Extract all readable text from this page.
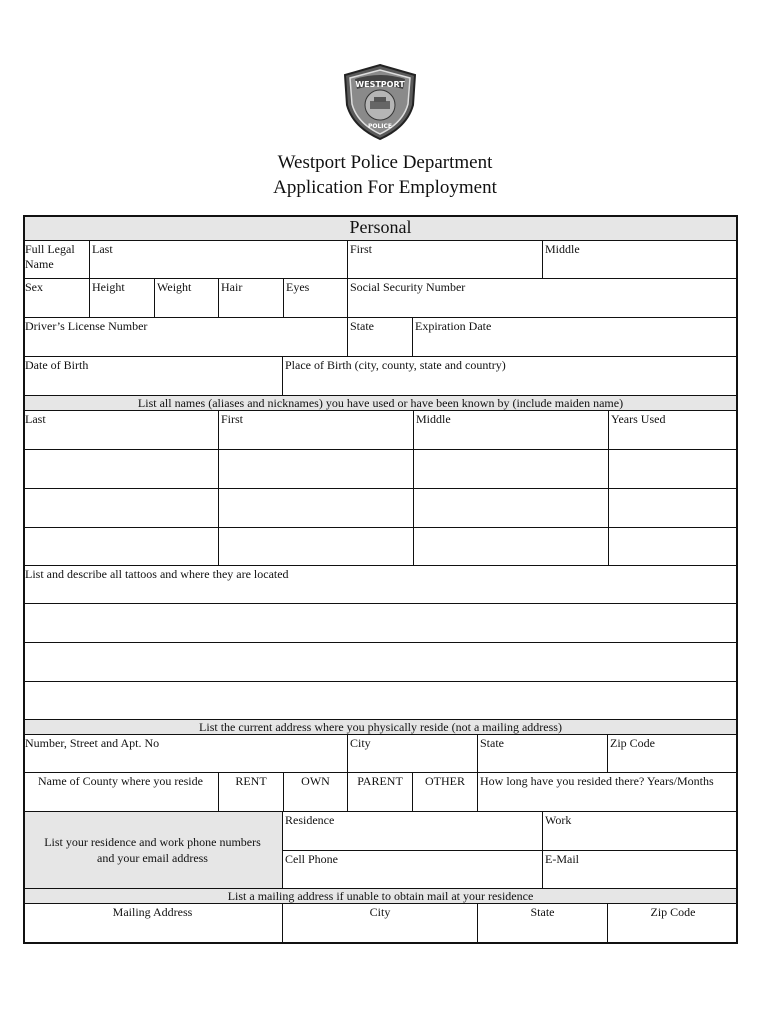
WESTPORT
POLICE
Westport Police Department
Application For Employment
Personal
Full Legal Name
Last	First	Middle
Sex	Height	Weight	Hair	Eyes	Social Security Number
Driver’s License Number	State	Expiration Date
Date of Birth	Place of Birth (city, county, state and country)
List all names (aliases and nicknames) you have used or have been known by (include maiden name)
Last	First	Middle	Years Used
List and describe all tattoos and where they are located
List the current address where you physically reside (not a mailing address)
Number, Street and Apt. No	City	State	Zip Code
Name of County where you reside	RENT	OWN	PARENT	OTHER	How long have you resided there? Years/Months
List your residence and work phone numbers
and your email address
Residence	Work
Cell Phone	E-Mail
List a mailing address if unable to obtain mail at your residence
Mailing Address	City	State	Zip Code
